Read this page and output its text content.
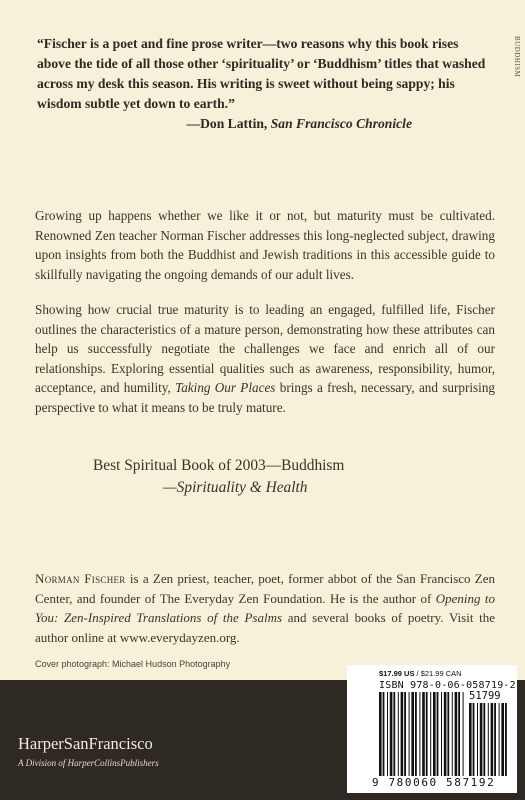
BUDDHISM
“Fischer is a poet and fine prose writer—two reasons why this book rises above the tide of all those other ‘spirituality’ or ‘Buddhism’ titles that washed across my desk this season. His writing is sweet without being sappy; his wisdom subtle yet down to earth.”
—Don Lattin, San Francisco Chronicle
Growing up happens whether we like it or not, but maturity must be cultivated. Renowned Zen teacher Norman Fischer addresses this long-neglected subject, drawing upon insights from both the Buddhist and Jewish traditions in this accessible guide to skillfully navigating the ongoing demands of our adult lives.
Showing how crucial true maturity is to leading an engaged, fulfilled life, Fischer outlines the characteristics of a mature person, demonstrating how these attributes can help us successfully negotiate the challenges we face and enrich all of our relationships. Exploring essential qualities such as awareness, responsibility, humor, acceptance, and humility, Taking Our Places brings a fresh, necessary, and surprising perspective to what it means to be truly mature.
Best Spiritual Book of 2003—Buddhism
—Spirituality & Health
Norman Fischer is a Zen priest, teacher, poet, former abbot of the San Francisco Zen Center, and founder of The Everyday Zen Foundation. He is the author of Opening to You: Zen-Inspired Translations of the Psalms and several books of poetry. Visit the author online at www.everydayzen.org.
Cover photograph: Michael Hudson Photography
HarperSanFrancisco
A Division of HarperCollinsPublishers
$17.99 US / $21.99 CAN
ISBN 978-0-06-058719-2
51799
9 780060 587192
